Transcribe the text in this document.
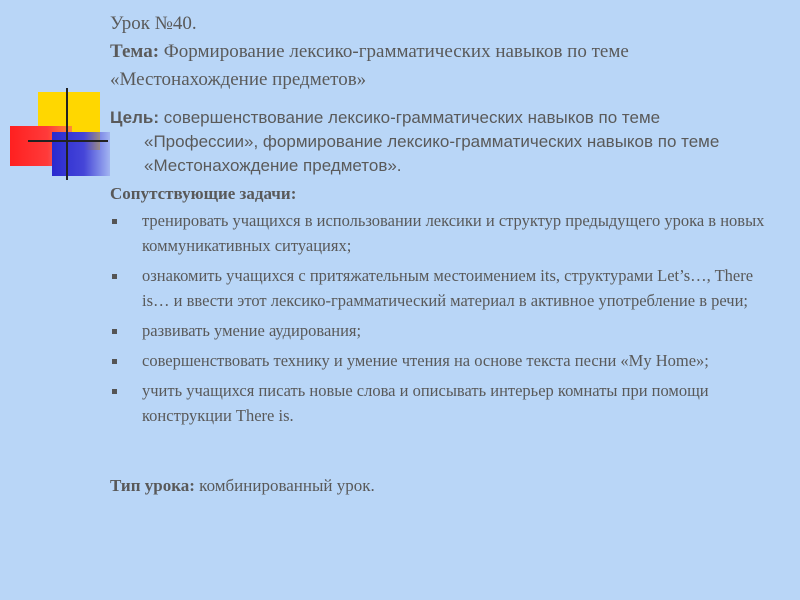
Урок №40.
Тема: Формирование лексико-грамматических навыков по теме «Местонахождение предметов»
Цель: совершенствование лексико-грамматических навыков по теме «Профессии», формирование лексико-грамматических навыков по теме «Местонахождение предметов».
Сопутствующие задачи:
тренировать учащихся в использовании лексики и структур предыдущего урока в новых коммуникативных ситуациях;
ознакомить учащихся с притяжательным местоимением its, структурами Let’s…, There is… и ввести этот лексико-грамматический материал в активное употребление в речи;
развивать умение аудирования;
совершенствовать технику и умение чтения на основе текста песни «My Home»;
учить учащихся писать новые слова и описывать интерьер комнаты при помощи конструкции There is.
Тип урока: комбинированный урок.
